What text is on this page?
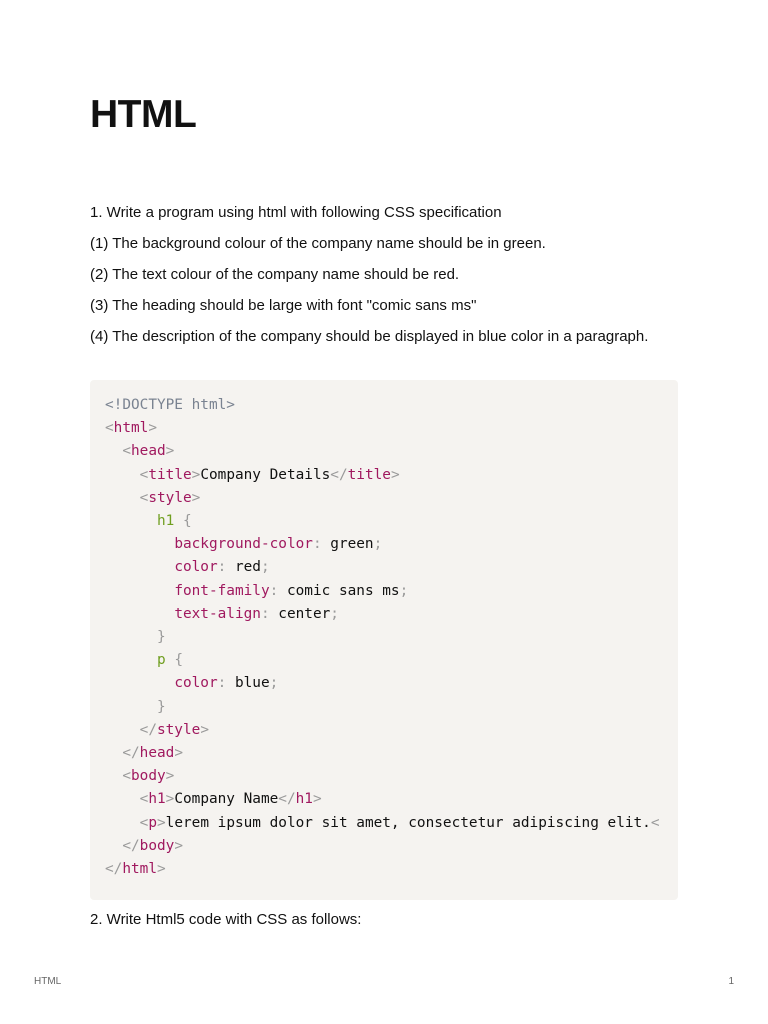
HTML

1. Write a program using html with following CSS specification

(1) The background colour of the company name should be in green.

(2) The text colour of the company name should be red.

(3) The heading should be large with font "comic sans ms"

(4) The description of the company should be displayed in blue color in a paragraph.

<!DOCTYPE html>
<html>
<head>
<title>Company Details</title>
<style>
h1 {
background-color: green;
color: red;
font-family: comic sans ms;
text-align: center;
}
p {
color: blue;
}
</style>
</head>
<body>
<h1>Company Name</h1>
<p>lerem ipsum dolor sit amet, consectetur adipiscing elit.<
</body>
</html>

2. Write Html5 code with CSS as follows:

HTML	1
